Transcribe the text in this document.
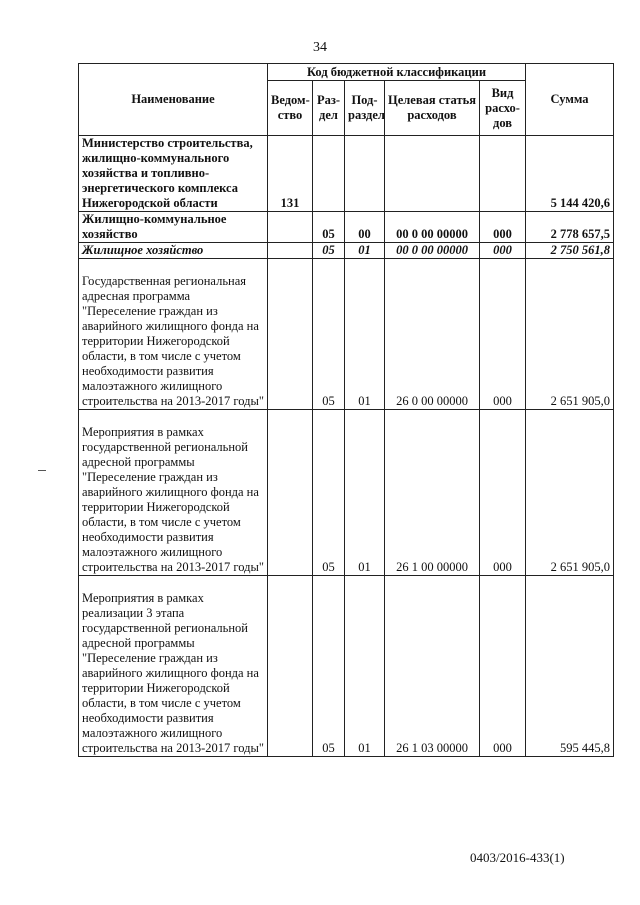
34
Наименование	Код бюджетной классификации					Сумма
	Ведом-ство	Раз-дел	Под-раздел	Целевая статья расходов	Вид расхо-дов	
Министерство строительства, жилищно-коммунального хозяйства и топливно-энергетического комплекса Нижегородской области	131					5 144 420,6
Жилищно-коммунальное хозяйство		05	00	00 0 00 00000	000	2 778 657,5
Жилищное хозяйство		05	01	00 0 00 00000	000	2 750 561,8
Государственная региональная адресная программа "Переселение граждан из аварийного жилищного фонда на территории Нижегородской области, в том числе с учетом необходимости развития малоэтажного жилищного строительства на 2013-2017 годы"		05	01	26 0 00 00000	000	2 651 905,0
Мероприятия в рамках государственной региональной адресной программы "Переселение граждан из аварийного жилищного фонда на территории Нижегородской области, в том числе с учетом необходимости развития малоэтажного жилищного строительства на 2013-2017 годы"		05	01	26 1 00 00000	000	2 651 905,0
Мероприятия в рамках реализации 3 этапа государственной региональной адресной программы "Переселение граждан из аварийного жилищного фонда на территории Нижегородской области, в том числе с учетом необходимости развития малоэтажного жилищного строительства на 2013-2017 годы"		05	01	26 1 03 00000	000	595 445,8
0403/2016-433(1)
